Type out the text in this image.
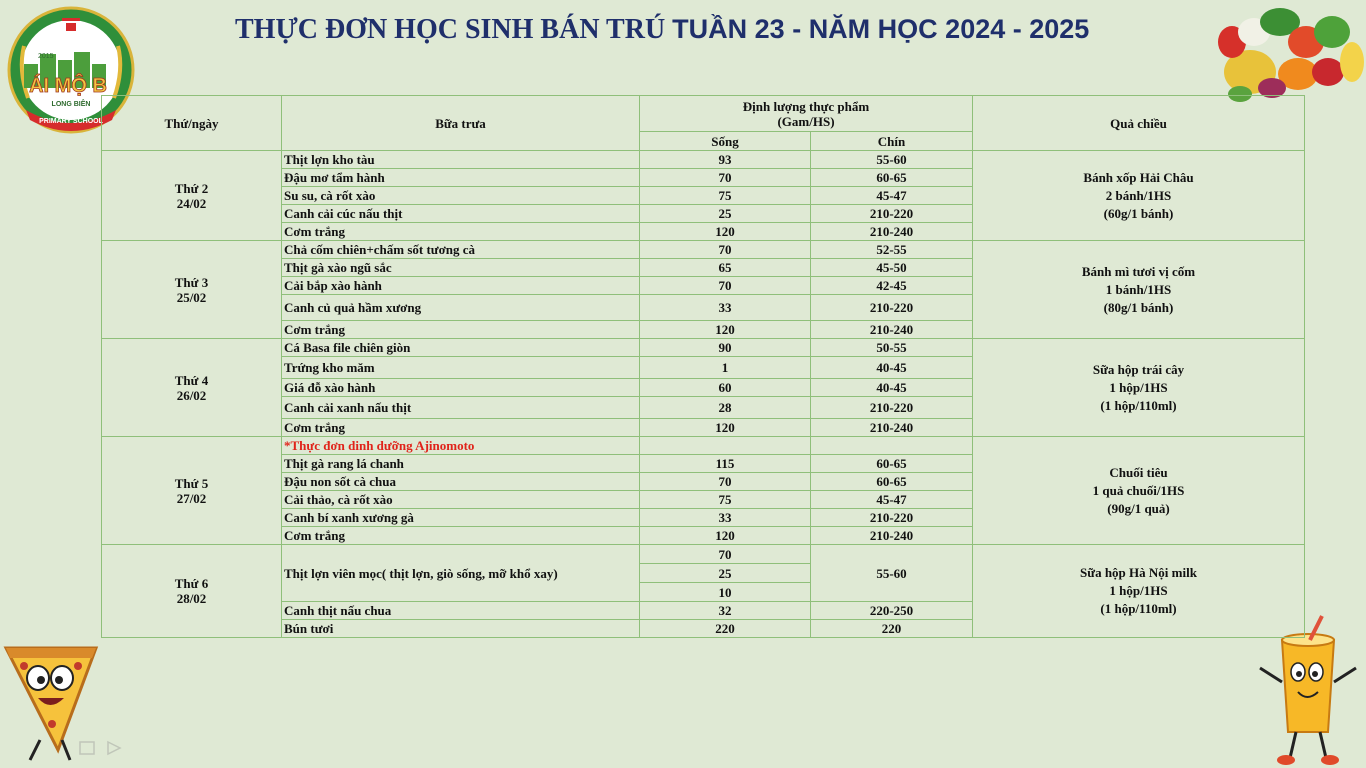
THỰC ĐƠN HỌC SINH BÁN TRÚ TUẦN 23 - NĂM HỌC 2024 - 2025
ÁI MỘ B
LONG BIÊN
PRIMARY SCHOOL
2015
Thứ/ngày	Bữa trưa	Định lượng thực phẩm (Gam/HS)		Quả chiều
		Sống	Chín	

Thứ 2
24/02	Thịt lợn kho tàu	93	55-60	Bánh xốp Hải Châu
2 bánh/1HS
(60g/1 bánh)

	Đậu mơ tẩm hành	70	60-65	
	Su su, cà rốt xào	75	45-47	
	Canh cải cúc nấu thịt	25	210-220	
	Cơm trắng	120	210-240	

Thứ 3
25/02	Chả cốm chiên+chấm sốt tương cà	70	52-55	Bánh mì tươi vị cốm
1 bánh/1HS
(80g/1 bánh)

	Thịt gà xào ngũ sắc	65	45-50	
	Cải bắp xào hành	70	42-45	
	Canh củ quả hầm xương	33	210-220	
	Cơm trắng	120	210-240	

Thứ 4
26/02	Cá Basa file chiên giòn	90	50-55	Sữa hộp trái cây
1 hộp/1HS
(1 hộp/110ml)

	Trứng kho măm	1	40-45	
	Giá đỗ xào hành	60	40-45	
	Canh cải xanh nấu thịt	28	210-220	
	Cơm trắng	120	210-240	

Thứ 5
27/02	*Thực đơn dinh dưỡng Ajinomoto			Chuối tiêu
1 quả chuối/1HS
(90g/1 quả)

	Thịt gà rang lá chanh	115	60-65	
	Đậu non sốt cà chua	70	60-65	
	Cải thảo, cà rốt xào	75	45-47	
	Canh bí xanh xương gà	33	210-220	
	Cơm trắng	120	210-240	

Thứ 6
28/02	Thịt lợn viên mọc( thịt lợn, giò sống, mỡ khổ xay)	70	55-60	Sữa hộp Hà Nội milk
1 hộp/1HS
(1 hộp/110ml)

		25		
		10		
	Canh thịt nấu chua	32	220-250	
	Bún tươi	220	220	
